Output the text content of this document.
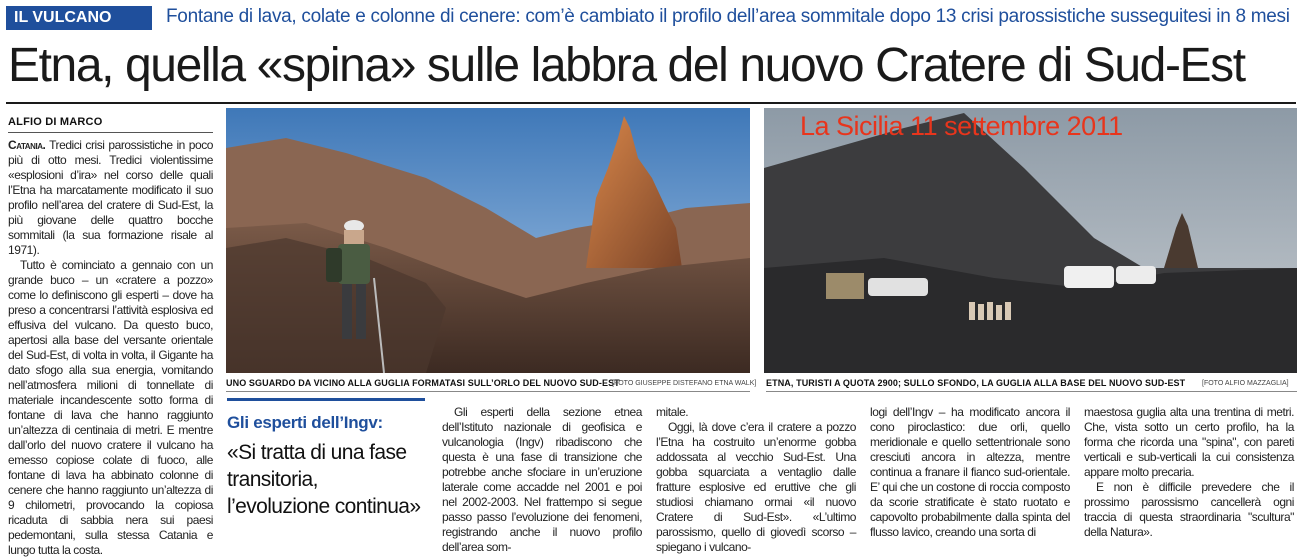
IL VULCANO	Fontane di lava, colate e colonne di cenere: com’è cambiato il profilo dell’area sommitale dopo 13 crisi parossistiche susseguitesi in 8 mesi
Etna, quella «spina» sulle labbra del nuovo Cratere di Sud-Est
ALFIO DI MARCO

Catania. Tredici crisi parossistiche in poco più di otto mesi. Tredici violentissime «esplosioni d’ira» nel corso delle quali l’Etna ha marcatamente modificato il suo profilo nell’area del cratere di Sud-Est, la più giovane delle quattro bocche sommitali (la sua formazione risale al 1971).

Tutto è cominciato a gennaio con un grande buco – un «cratere a pozzo» come lo definiscono gli esperti – dove ha preso a concentrarsi l’attività esplosiva ed effusiva del vulcano. Da questo buco, apertosi alla base del versante orientale del Sud-Est, di volta in volta, il Gigante ha dato sfogo alla sua energia, vomitando nell’atmosfera milioni di tonnellate di materiale incandescente sotto forma di fontane di lava che hanno raggiunto un’altezza di centinaia di metri. E mentre dall’orlo del nuovo cratere il vulcano ha emesso copiose colate di fuoco, alle fontane di lava ha abbinato colonne di cenere che hanno raggiunto un’altezza di 9 chilometri, provocando la copiosa ricaduta di sabbia nera sui paesi pedemontani, sulla stessa Catania e lungo tutta la costa.

UNO SGUARDO DA VICINO ALLA GUGLIA FORMATASI SULL’ORLO DEL NUOVO SUD-EST
[FOTO GIUSEPPE DISTEFANO ETNA WALK]
La Sicilia 11 settembre 2011
ETNA, TURISTI A QUOTA 2900; SULLO SFONDO, LA GUGLIA ALLA BASE DEL NUOVO SUD-EST [FOTO ALFIO MAZZAGLIA]
Gli esperti dell’Ingv:
«Si tratta di una fase transitoria, l’evoluzione continua»

Gli esperti della sezione etnea dell’Istituto nazionale di geofisica e vulcanologia (Ingv) ribadiscono che questa è una fase di transizione che potrebbe anche sfociare in un’eruzione laterale come accadde nel 2001 e poi nel 2002-2003. Nel frattempo si segue passo passo l’evoluzione dei fenomeni, registrando anche il nuovo profilo dell’area som-

mitale.

Oggi, là dove c’era il cratere a pozzo l’Etna ha costruito un’enorme gobba addossata al vecchio Sud-Est. Una gobba squarciata a ventaglio dalle fratture esplosive ed eruttive che gli studiosi chiamano ormai «il nuovo Cratere di Sud-Est». «L’ultimo parossismo, quello di giovedì scorso – spiegano i vulcano-

logi dell’Ingv – ha modificato ancora il cono piroclastico: due orli, quello meridionale e quello settentrionale sono cresciuti ancora in altezza, mentre continua a franare il fianco sud-orientale. E’ qui che un costone di roccia composto da scorie stratificate è stato ruotato e capovolto probabilmente dalla spinta del flusso lavico, creando una sorta di

maestosa guglia alta una trentina di metri. Che, vista sotto un certo profilo, ha la forma che ricorda una "spina", con pareti verticali e sub-verticali la cui consistenza appare molto precaria.

E non è difficile prevedere che il prossimo parossismo cancellerà ogni traccia di questa straordinaria "scultura" della Natura».
